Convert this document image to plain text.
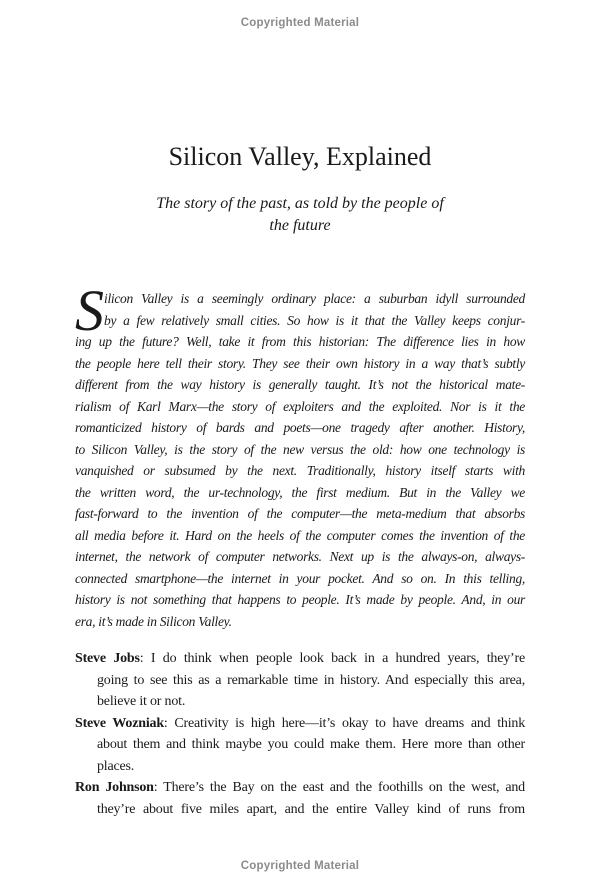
Copyrighted Material
Silicon Valley, Explained
The story of the past, as told by the people of
the future
S ilicon Valley is a seemingly ordinary place: a suburban idyll surrounded
by a few relatively small cities. So how is it that the Valley keeps conjur-
ing up the future? Well, take it from this historian: The difference lies in how
the people here tell their story. They see their own history in a way that’s subtly
different from the way history is generally taught. It’s not the historical mate-
rialism of Karl Marx—the story of exploiters and the exploited. Nor is it the
romanticized history of bards and poets—one tragedy after another. History,
to Silicon Valley, is the story of the new versus the old: how one technology is
vanquished or subsumed by the next. Traditionally, history itself starts with
the written word, the ur-technology, the first medium. But in the Valley we
fast-forward to the invention of the computer—the meta-medium that absorbs
all media before it. Hard on the heels of the computer comes the invention of the
internet, the network of computer networks. Next up is the always-on, always-
connected smartphone—the internet in your pocket. And so on. In this telling,
history is not something that happens to people. It’s made by people. And, in our
era, it’s made in Silicon Valley.
Steve Jobs: I do think when people look back in a hundred years, they’re
going to see this as a remarkable time in history. And especially this area,
believe it or not.
Steve Wozniak: Creativity is high here—it’s okay to have dreams and think
about them and think maybe you could make them. Here more than other
places.
Ron Johnson: There’s the Bay on the east and the foothills on the west, and
they’re about five miles apart, and the entire Valley kind of runs from
Copyrighted Material
